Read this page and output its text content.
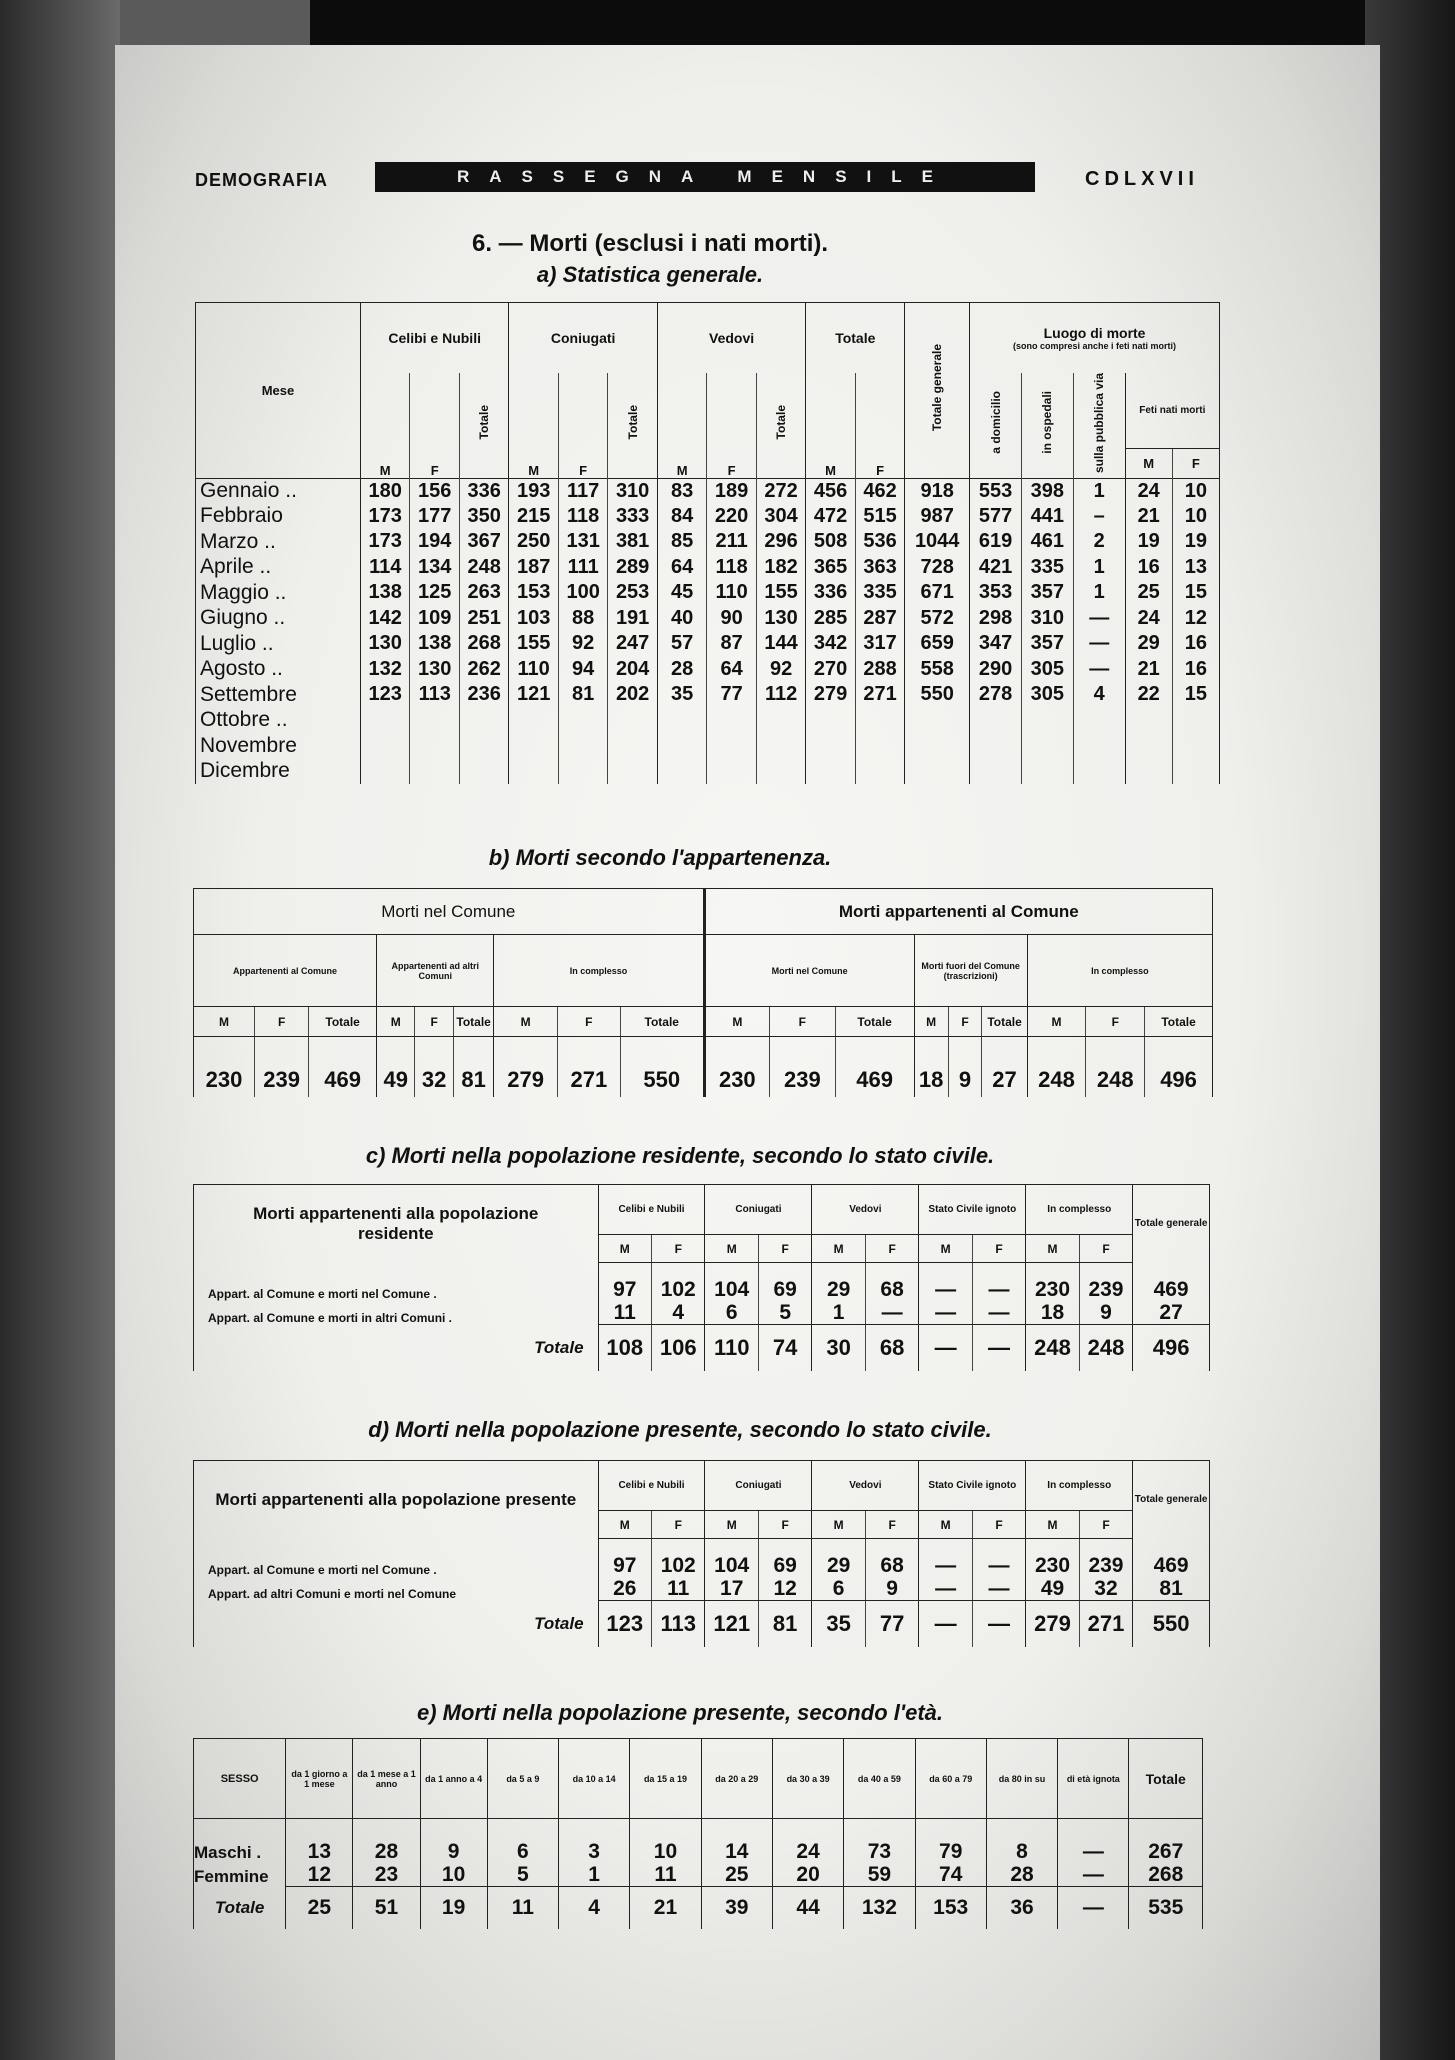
DEMOGRAFIA	RASSEGNA MENSILE	CDLXVII
6. — Morti (esclusi i nati morti).
a) Statistica generale.
Mese	Celibi e Nubili			Coniugati			Vedovi			Totale		Totale generale	Luogo di morte
(sono compresi anche i feti nati morti)				

	M	F	Totale	M	F	Totale	M	F	Totale	M	F		a domicilio	in ospedali	sulla pubblica via	Feti nati morti	
																M	F
Gennaio ..	180	156	336	193	117	310	83	189	272	456	462	918	553	398	1	24	10
Febbraio	173	177	350	215	118	333	84	220	304	472	515	987	577	441	–	21	10
Marzo ..	173	194	367	250	131	381	85	211	296	508	536	1044	619	461	2	19	19
Aprile ..	114	134	248	187	111	289	64	118	182	365	363	728	421	335	1	16	13
Maggio ..	138	125	263	153	100	253	45	110	155	336	335	671	353	357	1	25	15
Giugno ..	142	109	251	103	88	191	40	90	130	285	287	572	298	310	—	24	12
Luglio ..	130	138	268	155	92	247	57	87	144	342	317	659	347	357	—	29	16
Agosto ..	132	130	262	110	94	204	28	64	92	270	288	558	290	305	—	21	16
Settembre	123	113	236	121	81	202	35	77	112	279	271	550	278	305	4	22	15
Ottobre ..																	
Novembre																	
Dicembre																	
b) Morti secondo l'appartenenza.
Morti nel Comune									Morti appartenenti al Comune								
Appartenenti al Comune			Appartenenti ad altri Comuni			In complesso			Morti nel Comune			Morti fuori del Comune (trascrizioni)			In complesso		
M	F	Totale	M	F	Totale	M	F	Totale	M	F	Totale	M	F	Totale	M	F	Totale
230	239	469	49	32	81	279	271	550	230	239	469	18	9	27	248	248	496
c) Morti nella popolazione residente, secondo lo stato civile.
Morti appartenenti alla popolazione residente	Celibi e Nubili		Coniugati		Vedovi		Stato Civile ignoto		In complesso		Totale generale
	M	F	M	F	M	F	M	F	M	F	
Appart. al Comune e morti nel Comune .	97	102	104	69	29	68	—	—	230	239	469
Appart. al Comune e morti in altri Comuni .	11	4	6	5	1	—	—	—	18	9	27
Totale	108	106	110	74	30	68	—	—	248	248	496
d) Morti nella popolazione presente, secondo lo stato civile.
Morti appartenenti alla popolazione presente	Celibi e Nubili		Coniugati		Vedovi		Stato Civile ignoto		In complesso		Totale generale
	M	F	M	F	M	F	M	F	M	F	
Appart. al Comune e morti nel Comune .	97	102	104	69	29	68	—	—	230	239	469
Appart. ad altri Comuni e morti nel Comune	26	11	17	12	6	9	—	—	49	32	81
Totale	123	113	121	81	35	77	—	—	279	271	550
e) Morti nella popolazione presente, secondo l'età.
SESSO	da 1 giorno a 1 mese	da 1 mese a 1 anno	da 1 anno a 4	da 5 a 9	da 10 a 14	da 15 a 19	da 20 a 29	da 30 a 39	da 40 a 59	da 60 a 79	da 80 in su	di età ignota	Totale
Maschi .	13	28	9	6	3	10	14	24	73	79	8	—	267
Femmine	12	23	10	5	1	11	25	20	59	74	28	—	268
Totale	25	51	19	11	4	21	39	44	132	153	36	—	535
